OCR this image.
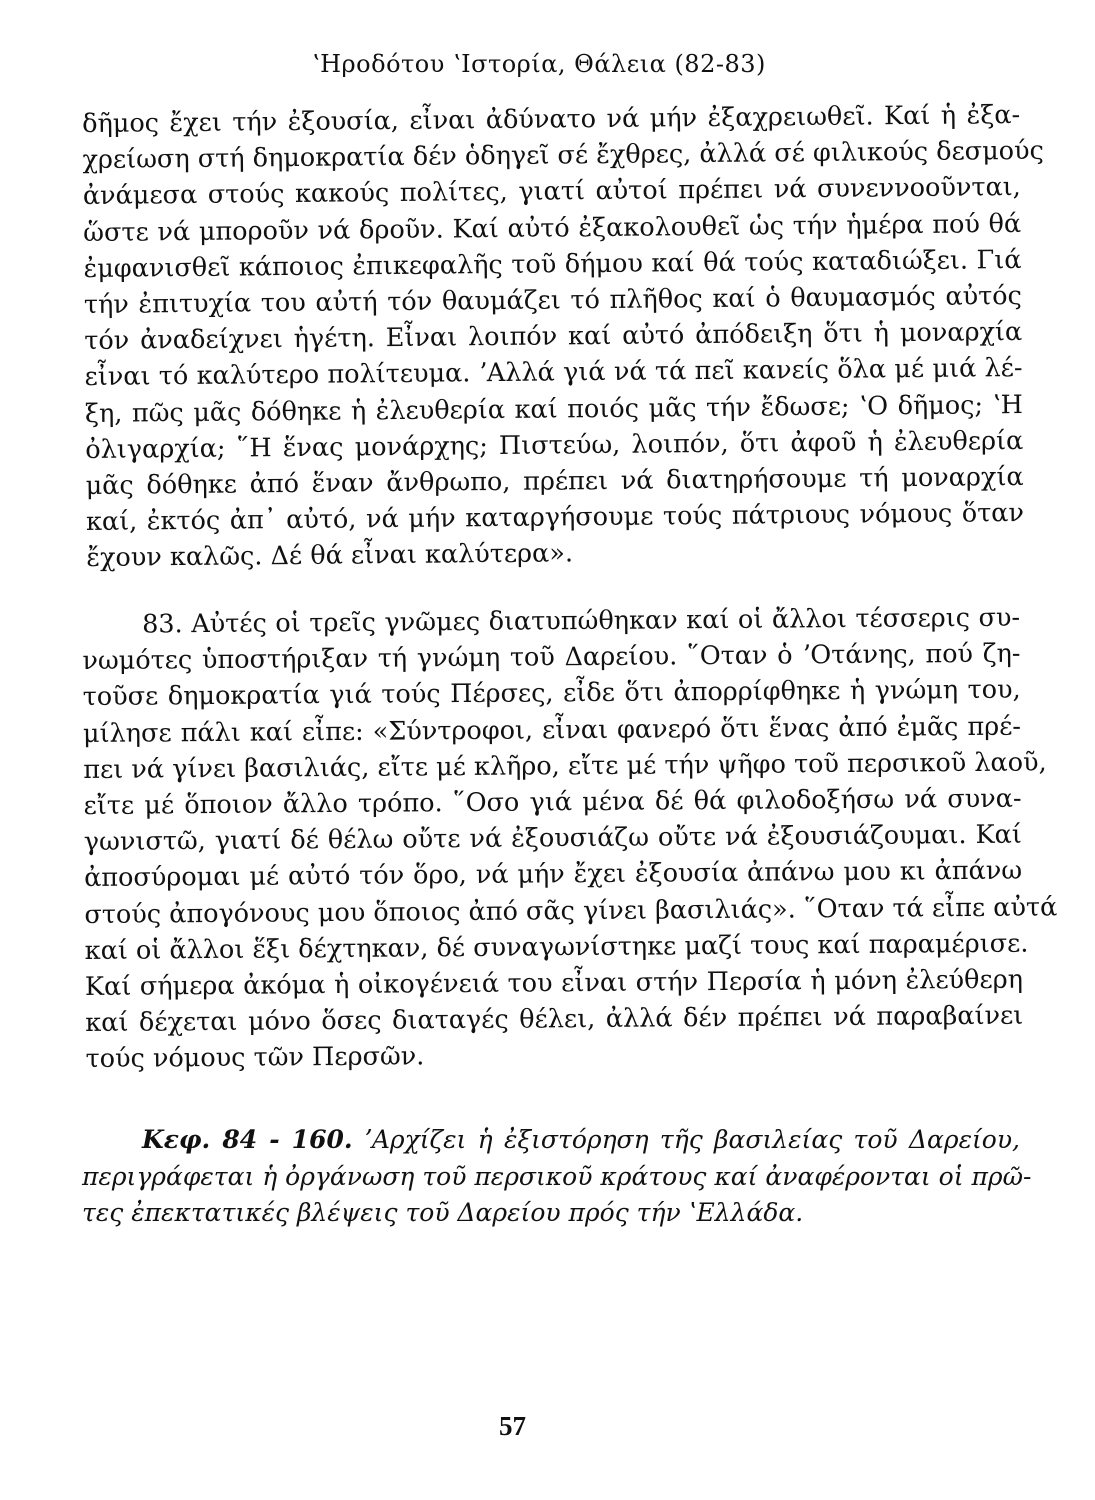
ʽΗροδότου ʽΙστορία, Θάλεια (82-83)
δῆμος ἔχει τήν ἐξουσία, εἶναι ἀδύνατο νά μήν ἐξαχρειωθεῖ. Καί ἡ ἐξα-
χρείωση στή δημοκρατία δέν ὁδηγεῖ σέ ἔχθρες, ἀλλά σέ φιλικούς δεσμούς
ἀνάμεσα στούς κακούς πολίτες, γιατί αὐτοί πρέπει νά συνεννοοῦνται,
ὥστε νά μποροῦν νά δροῦν. Καί αὐτό ἐξακολουθεῖ ὡς τήν ἡμέρα πού θά
ἐμφανισθεῖ κάποιος ἐπικεφαλῆς τοῦ δήμου καί θά τούς καταδιώξει. Γιά
τήν ἐπιτυχία του αὐτή τόν θαυμάζει τό πλῆθος καί ὁ θαυμασμός αὐτός
τόν ἀναδείχνει ἡγέτη. Εἶναι λοιπόν καί αὐτό ἀπόδειξη ὅτι ἡ μοναρχία
εἶναι τό καλύτερο πολίτευμα. ʼΑλλά γιά νά τά πεῖ κανείς ὅλα μέ μιά λέ-
ξη, πῶς μᾶς δόθηκε ἡ ἐλευθερία καί ποιός μᾶς τήν ἔδωσε; ʽΟ δῆμος; ʽΗ
ὀλιγαρχία; ῞Η ἕνας μονάρχης; Πιστεύω, λοιπόν, ὅτι ἀφοῦ ἡ ἐλευθερία
μᾶς δόθηκε ἀπό ἕναν ἄνθρωπο, πρέπει νά διατηρήσουμε τή μοναρχία
καί, ἐκτός ἀπ᾽ αὐτό, νά μήν καταργήσουμε τούς πάτριους νόμους ὅταν
ἔχουν καλῶς. Δέ θά εἶναι καλύτερα».
83. Αὐτές οἱ τρεῖς γνῶμες διατυπώθηκαν καί οἱ ἄλλοι τέσσερις συ-
νωμότες ὑποστήριξαν τή γνώμη τοῦ Δαρείου. ῞Οταν ὁ ʼΟτάνης, πού ζη-
τοῦσε δημοκρατία γιά τούς Πέρσες, εἶδε ὅτι ἀπορρίφθηκε ἡ γνώμη του,
μίλησε πάλι καί εἶπε: «Σύντροφοι, εἶναι φανερό ὅτι ἕνας ἀπό ἐμᾶς πρέ-
πει νά γίνει βασιλιάς, εἴτε μέ κλῆρο, εἴτε μέ τήν ψῆφο τοῦ περσικοῦ λαοῦ,
εἴτε μέ ὅποιον ἄλλο τρόπο. ῞Οσο γιά μένα δέ θά φιλοδοξήσω νά συνα-
γωνιστῶ, γιατί δέ θέλω οὔτε νά ἐξουσιάζω οὔτε νά ἐξουσιάζουμαι. Καί
ἀποσύρομαι μέ αὐτό τόν ὅρο, νά μήν ἔχει ἐξουσία ἀπάνω μου κι ἀπάνω
στούς ἀπογόνους μου ὅποιος ἀπό σᾶς γίνει βασιλιάς». ῞Οταν τά εἶπε αὐτά
καί οἱ ἄλλοι ἕξι δέχτηκαν, δέ συναγωνίστηκε μαζί τους καί παραμέρισε.
Καί σήμερα ἀκόμα ἡ οἰκογένειά του εἶναι στήν Περσία ἡ μόνη ἐλεύθερη
καί δέχεται μόνο ὅσες διαταγές θέλει, ἀλλά δέν πρέπει νά παραβαίνει
τούς νόμους τῶν Περσῶν.
Κεφ. 84 - 160. ʼΑρχίζει ἡ ἐξιστόρηση τῆς βασιλείας τοῦ Δαρείου,
περιγράφεται ἡ ὀργάνωση τοῦ περσικοῦ κράτους καί ἀναφέρονται οἱ πρῶ-
τες ἐπεκτατικές βλέψεις τοῦ Δαρείου πρός τήν ʽΕλλάδα.
57
